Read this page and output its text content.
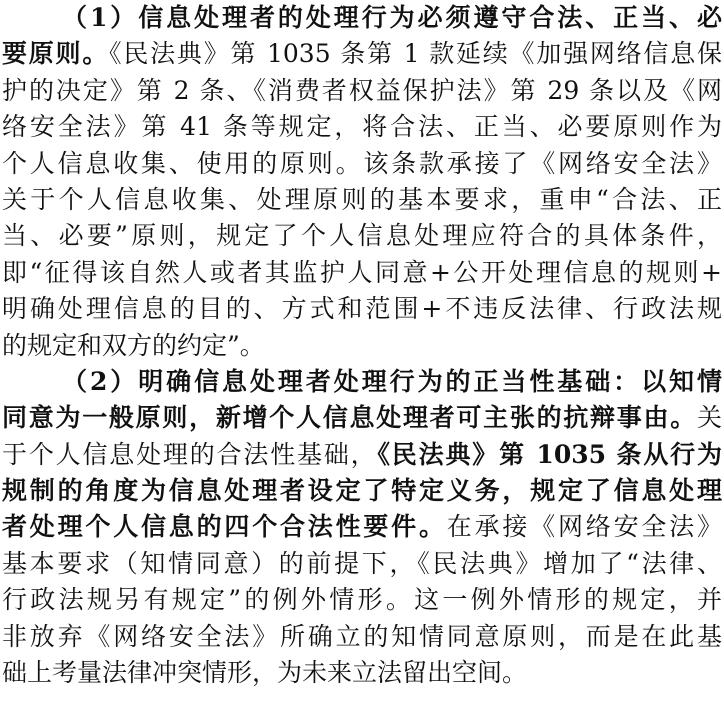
（1）信息处理者的处理行为必须遵守合法、正当、必
要原则。《民法典》第 1035 条第 1 款延续《加强网络信息保
护的决定》第 2 条、《消费者权益保护法》第 29 条以及《网
络安全法》第 41 条等规定，将合法、正当、必要原则作为
个人信息收集、使用的原则。该条款承接了《网络安全法》
关于个人信息收集、处理原则的基本要求，重申“合法、正
当、必要”原则，规定了个人信息处理应符合的具体条件，
即“征得该自然人或者其监护人同意+公开处理信息的规则+
明确处理信息的目的、方式和范围+不违反法律、行政法规
的规定和双方的约定”。
（2）明确信息处理者处理行为的正当性基础：以知情
同意为一般原则，新增个人信息处理者可主张的抗辩事由。关
于个人信息处理的合法性基础，《民法典》第 1035 条从行为
规制的角度为信息处理者设定了特定义务，规定了信息处理
者处理个人信息的四个合法性要件。在承接《网络安全法》
基本要求（知情同意）的前提下，《民法典》增加了“法律、
行政法规另有规定”的例外情形。这一例外情形的规定，并
非放弃《网络安全法》所确立的知情同意原则，而是在此基
础上考量法律冲突情形，为未来立法留出空间。
